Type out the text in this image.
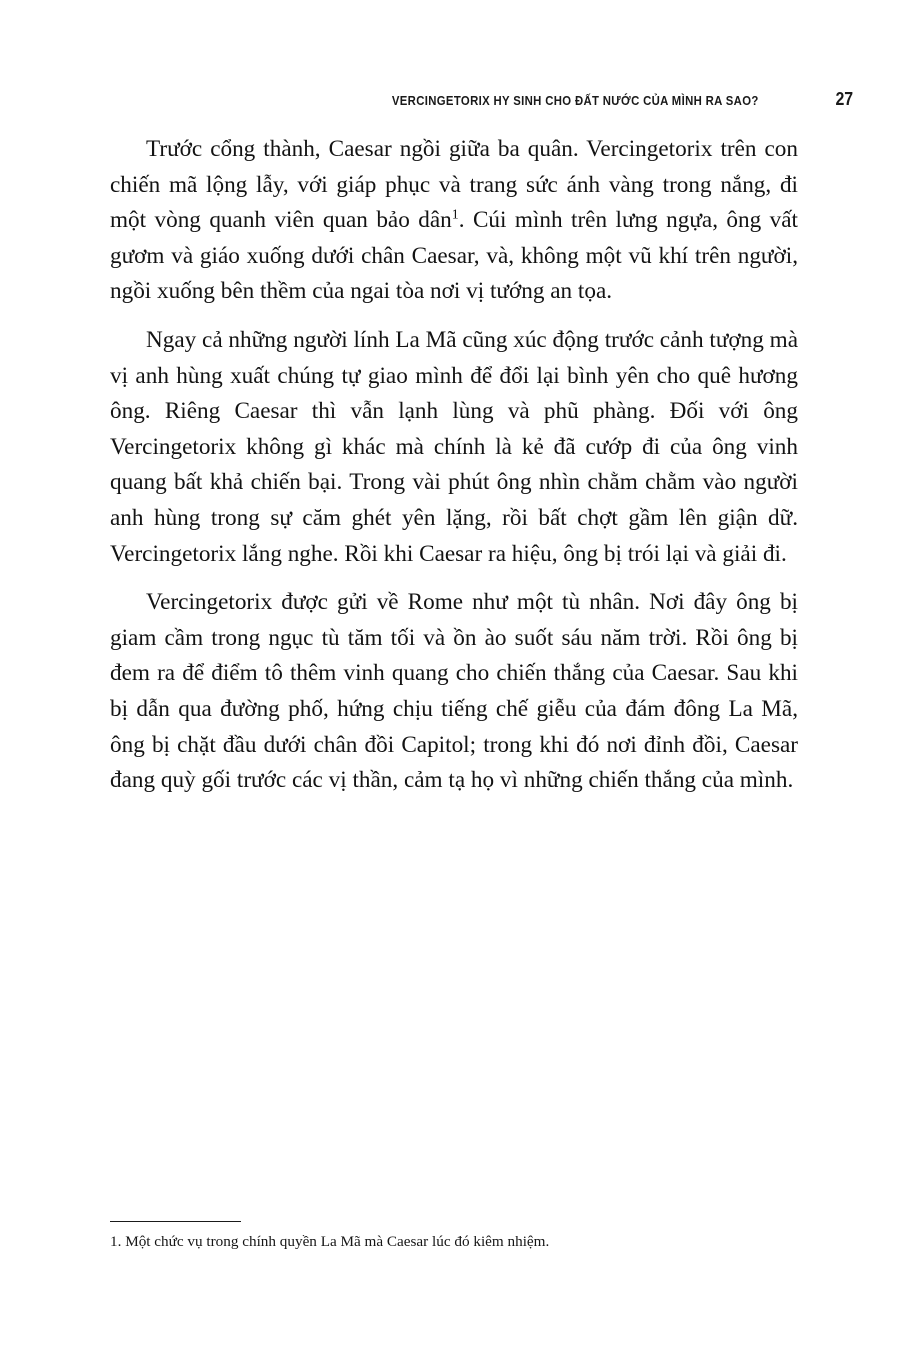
VERCINGETORIX HY SINH CHO ĐẤT NƯỚC CỦA MÌNH RA SAO?	27

Trước cổng thành, Caesar ngồi giữa ba quân. Vercingetorix trên con chiến mã lộng lẫy, với giáp phục và trang sức ánh vàng trong nắng, đi một vòng quanh viên quan bảo dân$^1$. Cúi mình trên lưng ngựa, ông vất gươm và giáo xuống dưới chân Caesar, và, không một vũ khí trên người, ngồi xuống bên thềm của ngai tòa nơi vị tướng an tọa.

Ngay cả những người lính La Mã cũng xúc động trước cảnh tượng mà vị anh hùng xuất chúng tự giao mình để đổi lại bình yên cho quê hương ông. Riêng Caesar thì vẫn lạnh lùng và phũ phàng. Đối với ông Vercingetorix không gì khác mà chính là kẻ đã cướp đi của ông vinh quang bất khả chiến bại. Trong vài phút ông nhìn chằm chằm vào người anh hùng trong sự căm ghét yên lặng, rồi bất chợt gầm lên giận dữ. Vercingetorix lắng nghe. Rồi khi Caesar ra hiệu, ông bị trói lại và giải đi.

Vercingetorix được gửi về Rome như một tù nhân. Nơi đây ông bị giam cầm trong ngục tù tăm tối và ồn ào suốt sáu năm trời. Rồi ông bị đem ra để điểm tô thêm vinh quang cho chiến thắng của Caesar. Sau khi bị dẫn qua đường phố, hứng chịu tiếng chế giễu của đám đông La Mã, ông bị chặt đầu dưới chân đồi Capitol; trong khi đó nơi đỉnh đồi, Caesar đang quỳ gối trước các vị thần, cảm tạ họ vì những chiến thắng của mình.

1. Một chức vụ trong chính quyền La Mã mà Caesar lúc đó kiêm nhiệm.
